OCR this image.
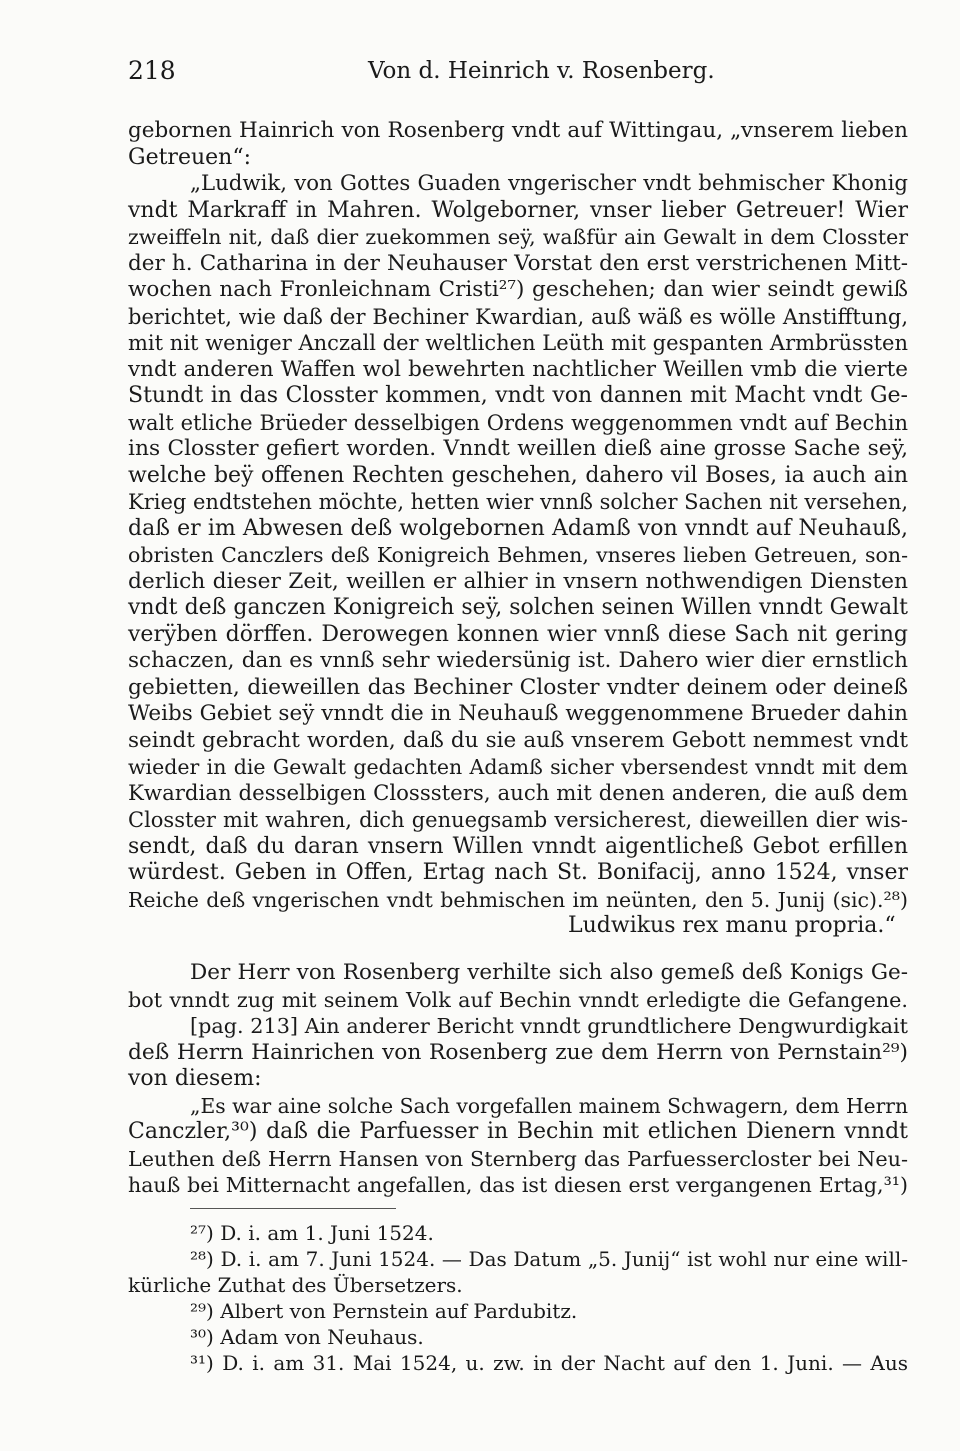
218	Von d. Heinrich v. Rosenberg.
gebornen Hainrich von Rosenberg vndt auf Wittingau, „vnserem lieben
Getreuen“:
„Ludwik, von Gottes Guaden vngerischer vndt behmischer Khonig
vndt Markraff in Mahren. Wolgeborner, vnser lieber Getreuer! Wier
zweiffeln nit, daß dier zuekommen seÿ, waßfür ain Gewalt in dem Closster
der h. Catharina in der Neuhauser Vorstat den erst verstrichenen Mitt-
wochen nach Fronleichnam Cristi²⁷) geschehen; dan wier seindt gewiß
berichtet, wie daß der Bechiner Kwardian, auß wäß es wölle Anstifftung,
mit nit weniger Anczall der weltlichen Leüth mit gespanten Armbrüssten
vndt anderen Waffen wol bewehrten nachtlicher Weillen vmb die vierte
Stundt in das Closster kommen, vndt von dannen mit Macht vndt Ge-
walt etliche Brüeder desselbigen Ordens weggenommen vndt auf Bechin
ins Closster gefiert worden. Vnndt weillen dieß aine grosse Sache seÿ,
welche beÿ offenen Rechten geschehen, dahero vil Boses, ia auch ain
Krieg endtstehen möchte, hetten wier vnnß solcher Sachen nit versehen,
daß er im Abwesen deß wolgebornen Adamß von vnndt auf Neuhauß,
obristen Canczlers deß Konigreich Behmen, vnseres lieben Getreuen, son-
derlich dieser Zeit, weillen er alhier in vnsern nothwendigen Diensten
vndt deß ganczen Konigreich seÿ, solchen seinen Willen vnndt Gewalt
verÿben dörffen. Derowegen konnen wier vnnß diese Sach nit gering
schaczen, dan es vnnß sehr wiedersünig ist. Dahero wier dier ernstlich
gebietten, dieweillen das Bechiner Closter vndter deinem oder deineß
Weibs Gebiet seÿ vnndt die in Neuhauß weggenommene Brueder dahin
seindt gebracht worden, daß du sie auß vnserem Gebott nemmest vndt
wieder in die Gewalt gedachten Adamß sicher vbersendest vnndt mit dem
Kwardian desselbigen Closssters, auch mit denen anderen, die auß dem
Closster mit wahren, dich genuegsamb versicherest, dieweillen dier wis-
sendt, daß du daran vnsern Willen vnndt aigentlicheß Gebot erfillen
würdest. Geben in Offen, Ertag nach St. Bonifacij, anno 1524, vnser
Reiche deß vngerischen vndt behmischen im neünten, den 5. Junij (sic).²⁸)
Ludwikus rex manu propria.“
Der Herr von Rosenberg verhilte sich also gemeß deß Konigs Ge-
bot vnndt zug mit seinem Volk auf Bechin vnndt erledigte die Gefangene.
[pag. 213] Ain anderer Bericht vnndt grundtlichere Dengwurdigkait
deß Herrn Hainrichen von Rosenberg zue dem Herrn von Pernstain²⁹)
von diesem:
„Es war aine solche Sach vorgefallen mainem Schwagern, dem Herrn
Canczler,³⁰) daß die Parfuesser in Bechin mit etlichen Dienern vnndt
Leuthen deß Herrn Hansen von Sternberg das Parfuessercloster bei Neu-
hauß bei Mitternacht angefallen, das ist diesen erst vergangenen Ertag,³¹)
²⁷) D. i. am 1. Juni 1524.
²⁸) D. i. am 7. Juni 1524. — Das Datum „5. Junij“ ist wohl nur eine will-
kürliche Zuthat des Übersetzers.
²⁹) Albert von Pernstein auf Pardubitz.
³⁰) Adam von Neuhaus.
³¹) D. i. am 31. Mai 1524, u. zw. in der Nacht auf den 1. Juni. — Aus
